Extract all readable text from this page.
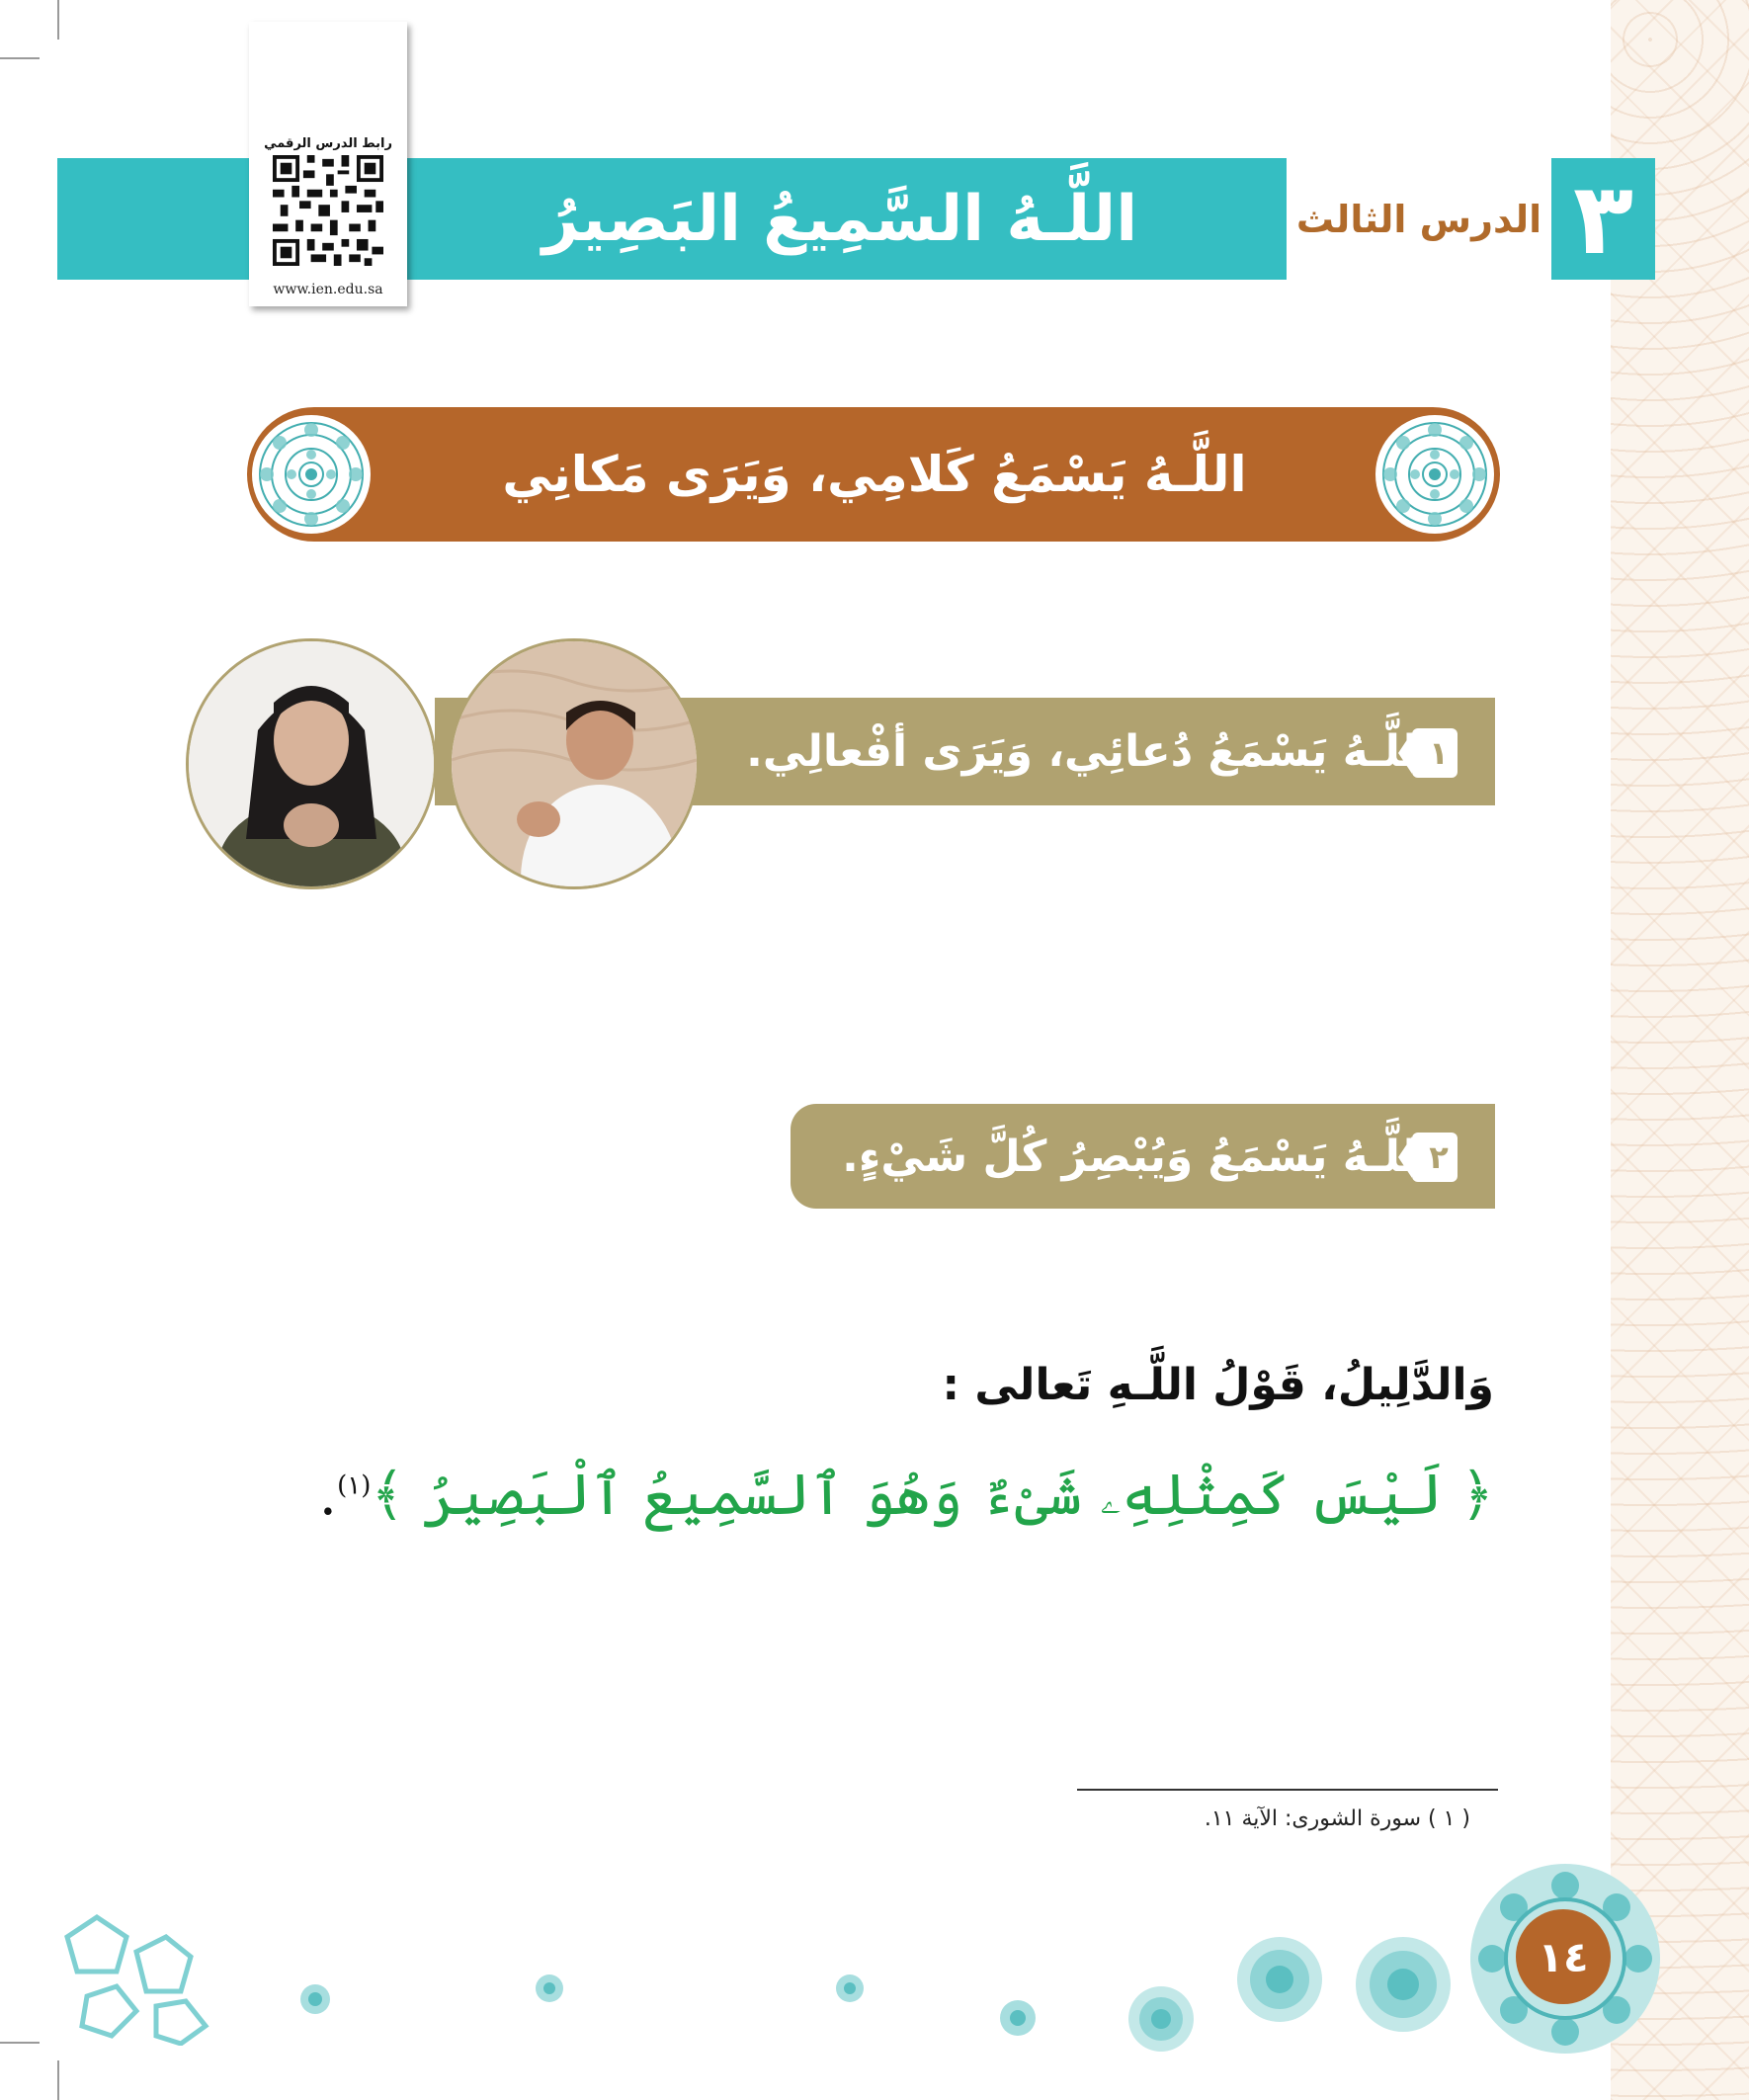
اللَّـهُ السَّمِيعُ البَصِيرُ	الدرس الثالث ٣
رابط الدرس الرقمي
www.ien.edu.sa
اللَّـهُ يَسْمَعُ كَلامِي، وَيَرَى مَكانِي
١
اللَّـهُ يَسْمَعُ دُعائِي، وَيَرَى أفْعالِي.
٢
اللَّـهُ يَسْمَعُ وَيُبْصِرُ كُلَّ شَيْءٍ.
وَالدَّلِيلُ، قَوْلُ اللَّـهِ تَعالى :
﴿ لَيْسَ كَمِثْلِهِۦ شَىْءٌ وَهُوَ ٱلسَّمِيعُ ٱلْبَصِيرُ ﴾$^{(١)}$.
( ١ ) سورة الشورى: الآية ١١.
١٤
